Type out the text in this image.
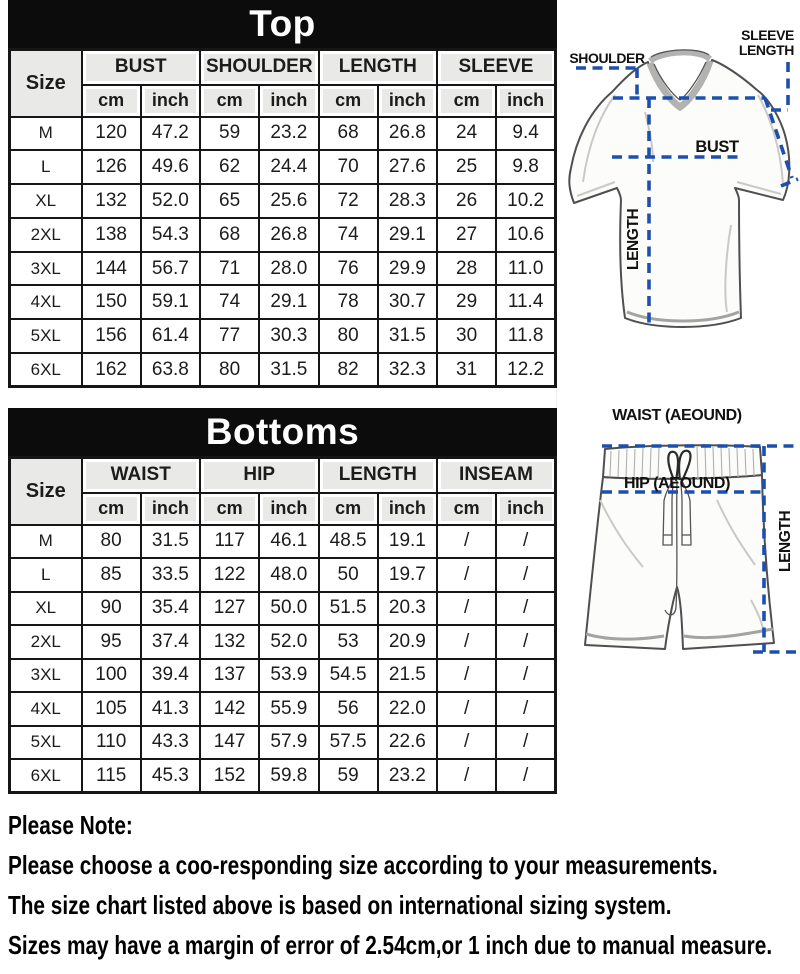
Top
Size	BUST		SHOULDER		LENGTH		SLEEVE	
	cm	inch	cm	inch	cm	inch	cm	inch
M	120	47.2	59	23.2	68	26.8	24	9.4
L	126	49.6	62	24.4	70	27.6	25	9.8
XL	132	52.0	65	25.6	72	28.3	26	10.2
2XL	138	54.3	68	26.8	74	29.1	27	10.6
3XL	144	56.7	71	28.0	76	29.9	28	11.0
4XL	150	59.1	74	29.1	78	30.7	29	11.4
5XL	156	61.4	77	30.3	80	31.5	30	11.8
6XL	162	63.8	80	31.5	82	32.3	31	12.2
Bottoms
Size	WAIST		HIP		LENGTH		INSEAM	
	cm	inch	cm	inch	cm	inch	cm	inch
M	80	31.5	117	46.1	48.5	19.1	/	/
L	85	33.5	122	48.0	50	19.7	/	/
XL	90	35.4	127	50.0	51.5	20.3	/	/
2XL	95	37.4	132	52.0	53	20.9	/	/
3XL	100	39.4	137	53.9	54.5	21.5	/	/
4XL	105	41.3	142	55.9	56	22.0	/	/
5XL	110	43.3	147	57.9	57.5	22.6	/	/
6XL	115	45.3	152	59.8	59	23.2	/	/
SHOULDER
SLEEVE
LENGTH
BUST
LENGTH
WAIST (AEOUND)
HIP (AEOUND)
LENGTH
Please Note:
Please choose a coo-responding size according to your measurements.
The size chart listed above is based on international sizing system.
Sizes may have a margin of error of 2.54cm,or 1 inch due to manual measure.
